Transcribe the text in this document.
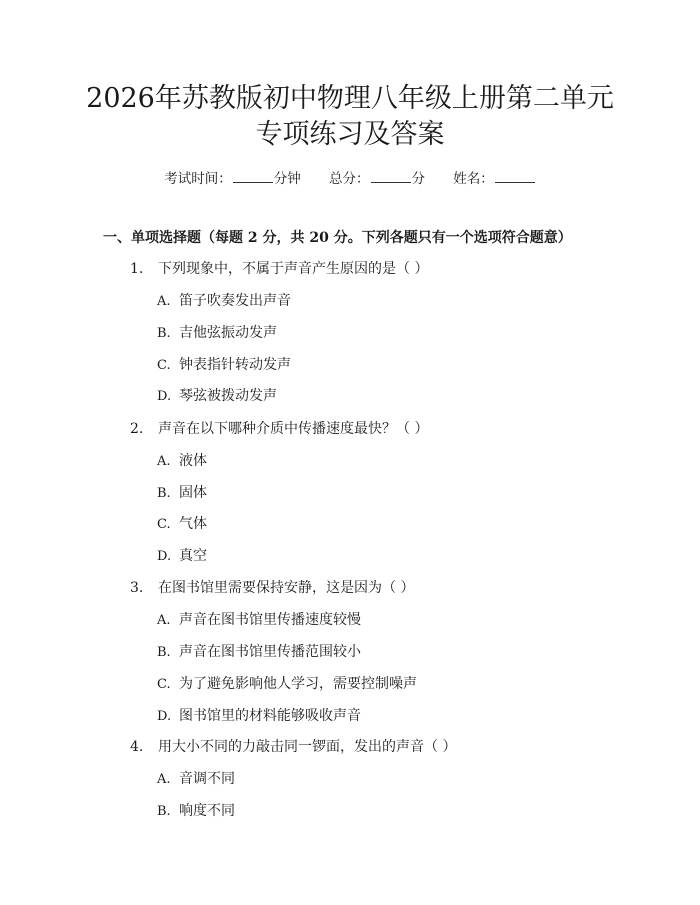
2026年苏教版初中物理八年级上册第二单元
专项练习及答案
考试时间：	分钟 总分：	分 姓名：
一、单项选择题（每题 2 分，共 20 分。下列各题只有一个选项符合题意）
1. 下列现象中，不属于声音产生原因的是（ ）
A. 笛子吹奏发出声音
B. 吉他弦振动发声
C. 钟表指针转动发声
D. 琴弦被拨动发声
2. 声音在以下哪种介质中传播速度最快？（ ）
A. 液体
B. 固体
C. 气体
D. 真空
3. 在图书馆里需要保持安静，这是因为（ ）
A. 声音在图书馆里传播速度较慢
B. 声音在图书馆里传播范围较小
C. 为了避免影响他人学习，需要控制噪声
D. 图书馆里的材料能够吸收声音
4. 用大小不同的力敲击同一锣面，发出的声音（ ）
A. 音调不同
B. 响度不同
